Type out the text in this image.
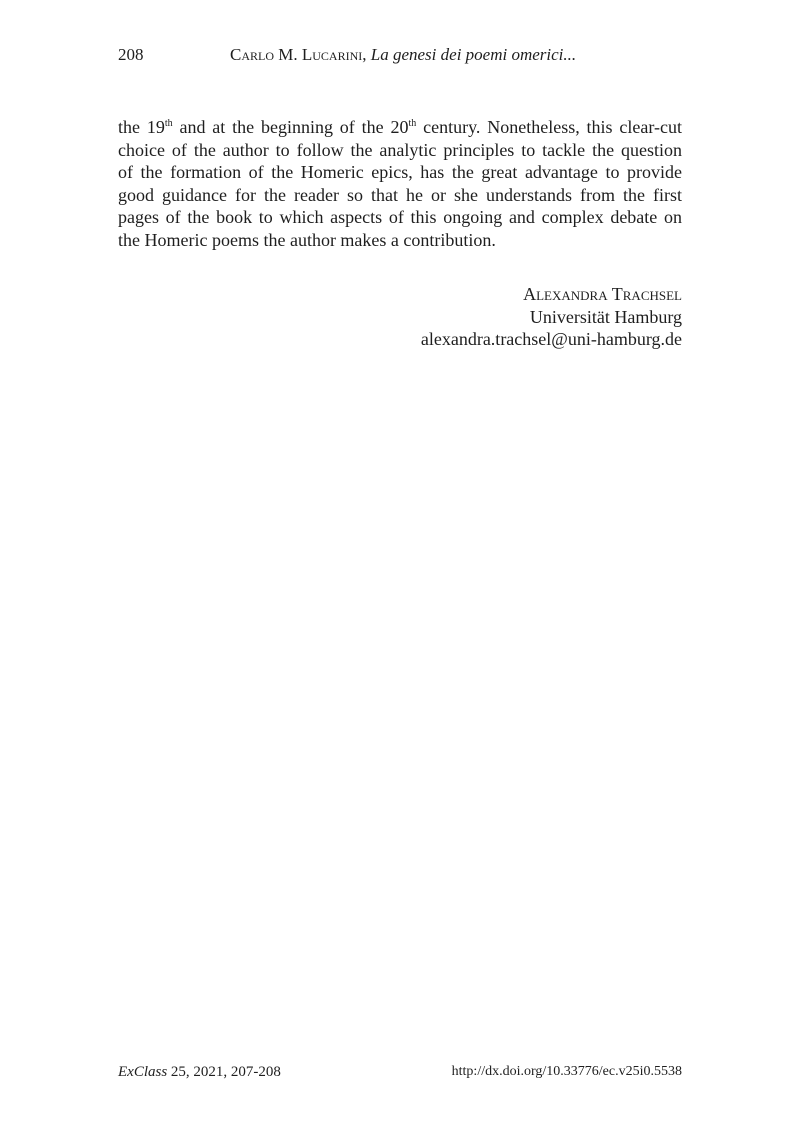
208	Carlo M. Lucarini, La genesi dei poemi omerici...
the 19th and at the beginning of the 20th century. Nonetheless, this clear-cut
choice of the author to follow the analytic principles to tackle the question
of the formation of the Homeric epics, has the great advantage to provide
good guidance for the reader so that he or she understands from the first
pages of the book to which aspects of this ongoing and complex debate on
the Homeric poems the author makes a contribution.
Alexandra Trachsel
Universität Hamburg
alexandra.trachsel@uni-hamburg.de
ExClass 25, 2021, 207-208	http://dx.doi.org/10.33776/ec.v25i0.5538
